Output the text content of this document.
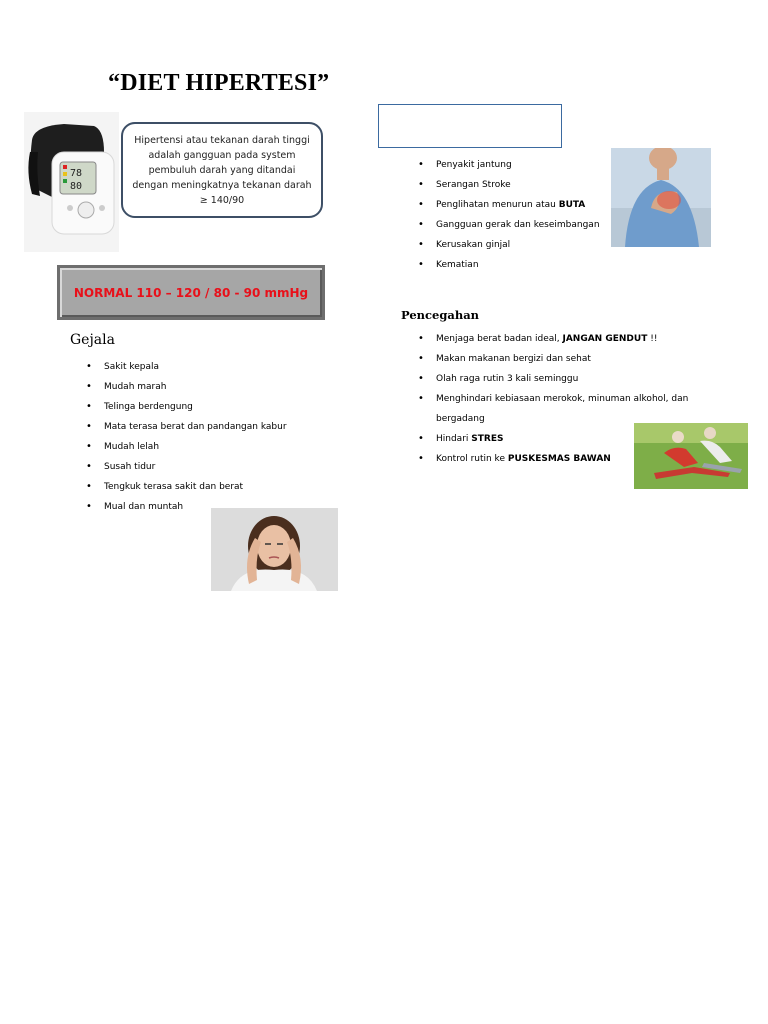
“DIET HIPERTESI”
78
80
Hipertensi atau tekanan darah tinggi adalah gangguan pada system pembuluh darah yang ditandai dengan meningkatnya tekanan darah ≥ 140/90
NORMAL 110 – 120 / 80 - 90 mmHg
Gejala
• Sakit kepala
• Mudah marah
• Telinga berdengung
• Mata terasa berat dan pandangan kabur
• Mudah lelah
• Susah tidur
• Tengkuk terasa sakit dan berat
• Mual dan muntah
• Penyakit jantung
• Serangan Stroke
• Penglihatan menurun atau BUTA
• Gangguan gerak dan keseimbangan
• Kerusakan ginjal
• Kematian
Pencegahan
• Menjaga berat badan ideal, JANGAN GENDUT !!
• Makan makanan bergizi dan sehat
• Olah raga rutin 3 kali seminggu
• Menghindari kebiasaan merokok, minuman alkohol, dan
bergadang
• Hindari STRES
• Kontrol rutin ke PUSKESMAS BAWAN
